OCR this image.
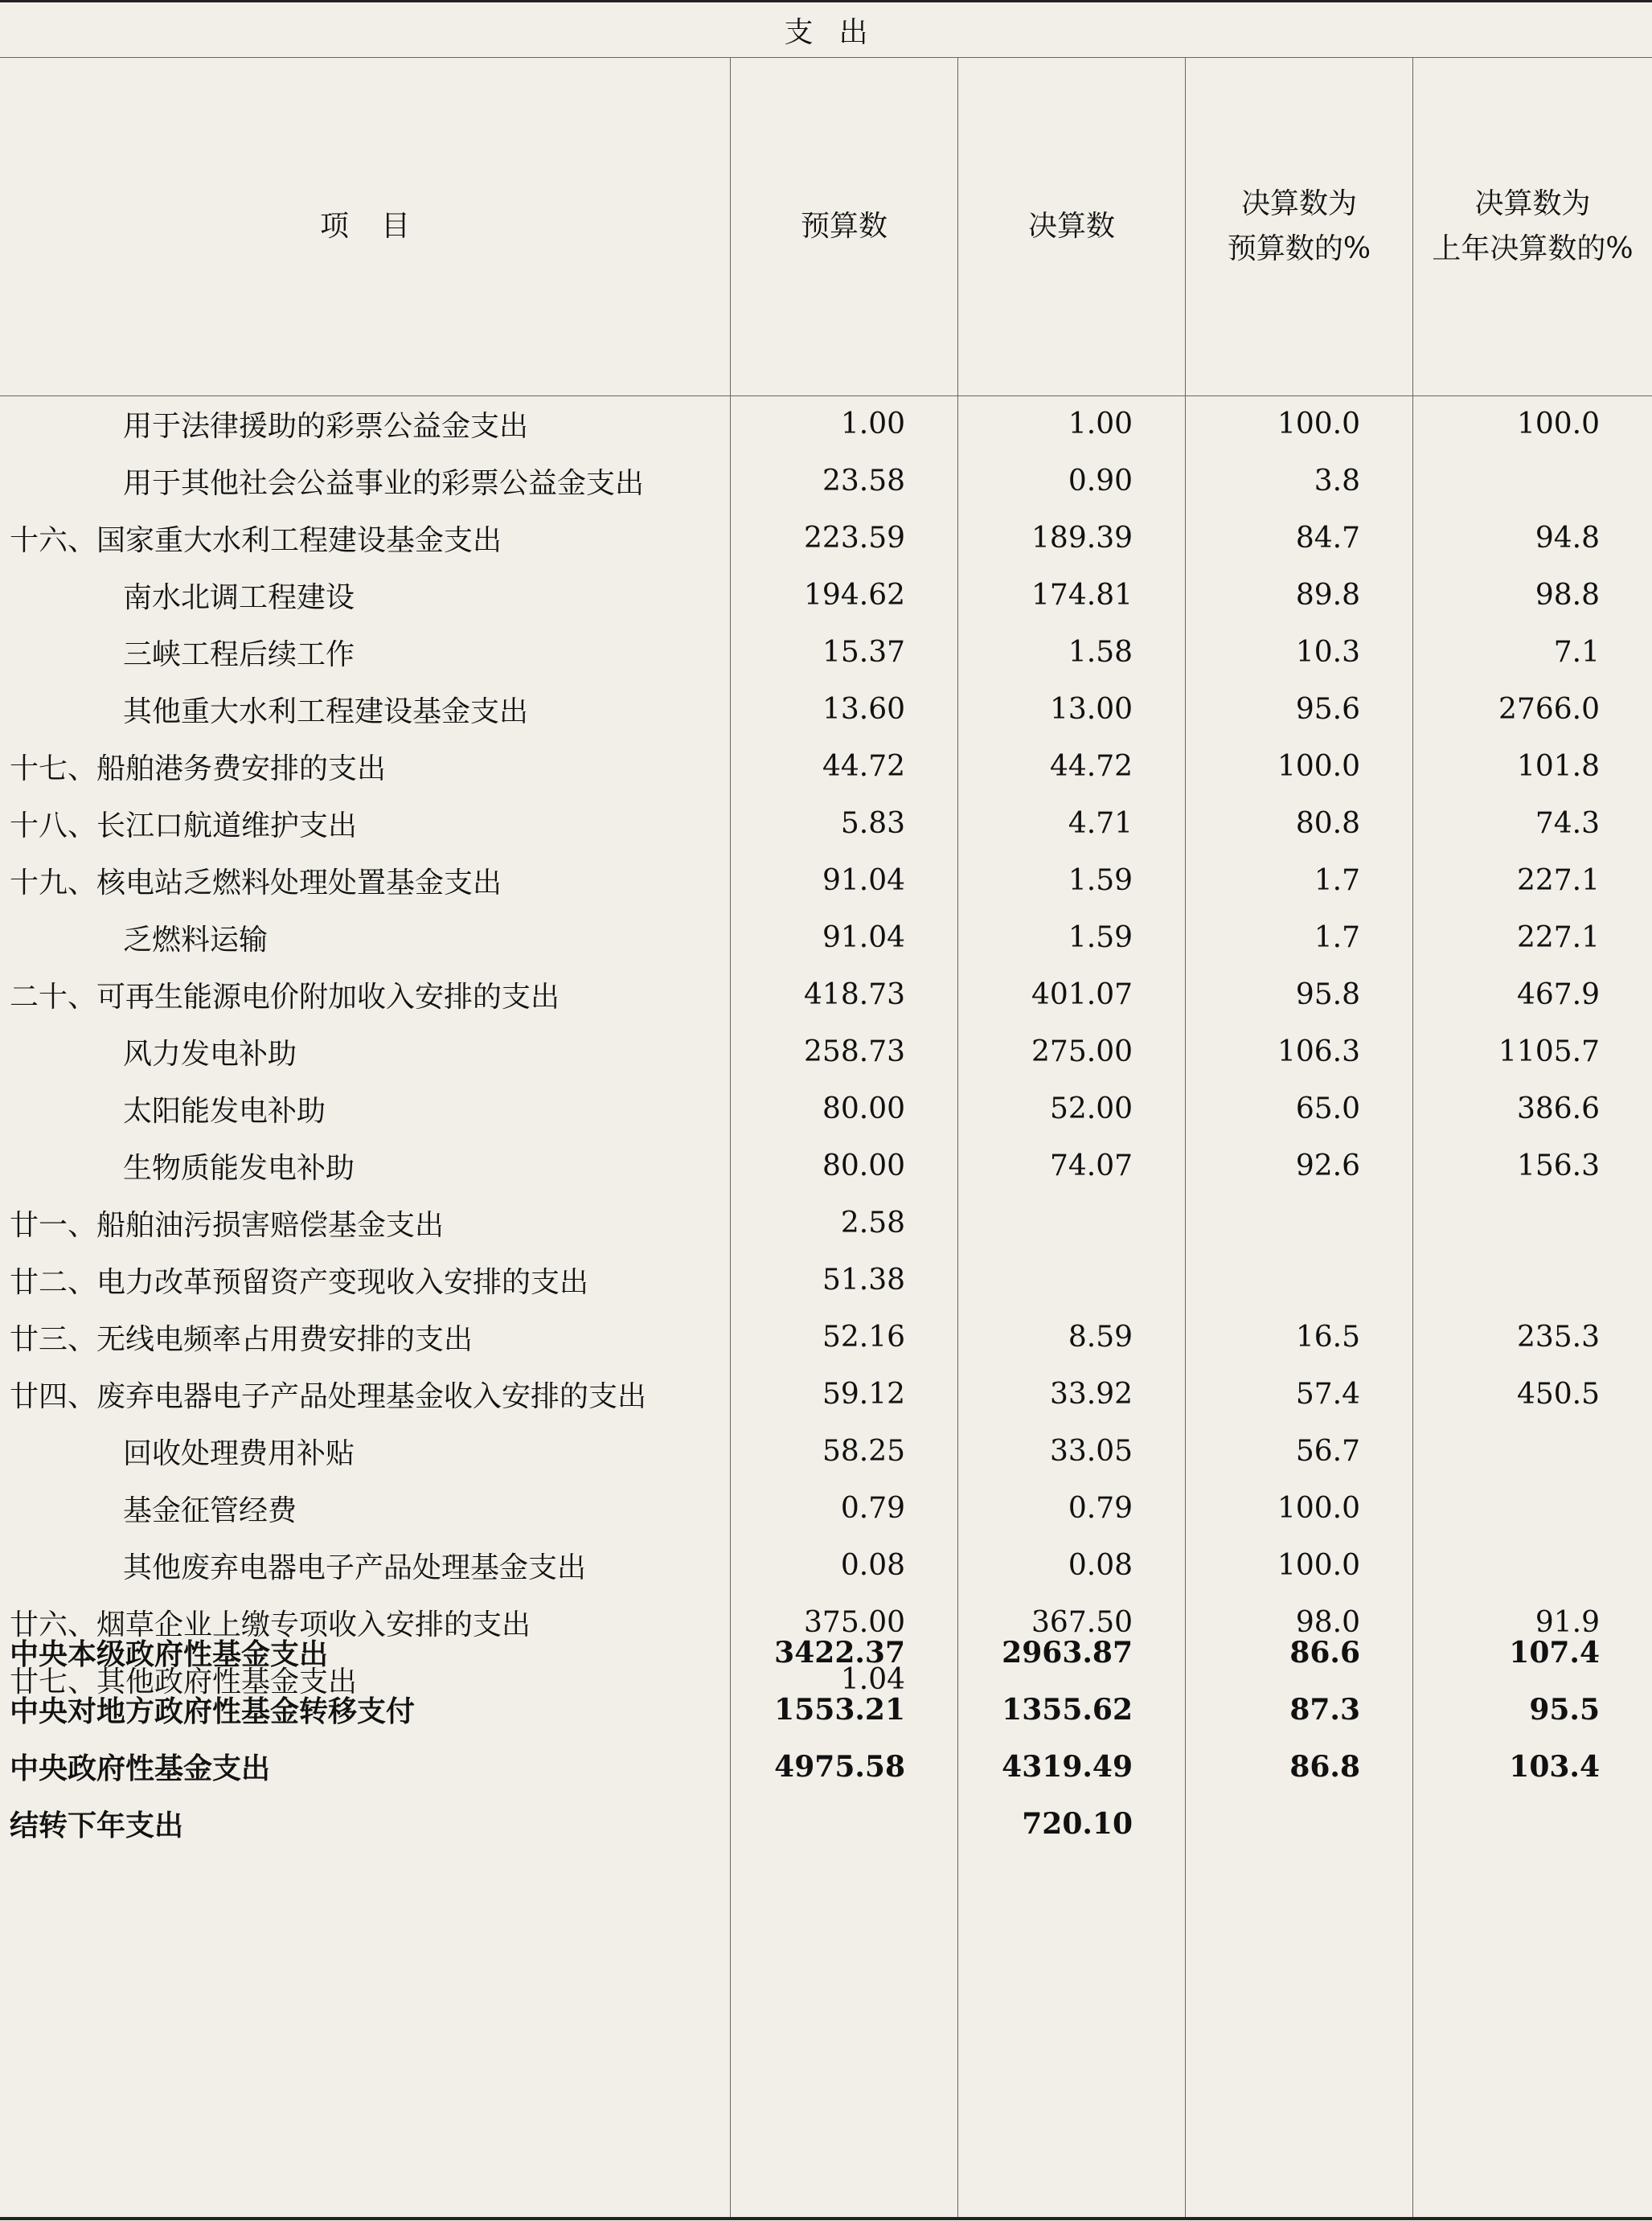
支出
项目	预算数	决算数
决算数为
预算数的%
决算数为
上年决算数的%
用于法律援助的彩票公益金支出
用于其他社会公益事业的彩票公益金支出
十六、国家重大水利工程建设基金支出
南水北调工程建设
三峡工程后续工作
其他重大水利工程建设基金支出
十七、船舶港务费安排的支出
十八、长江口航道维护支出
十九、核电站乏燃料处理处置基金支出
乏燃料运输
二十、可再生能源电价附加收入安排的支出
风力发电补助
太阳能发电补助
生物质能发电补助
廿一、船舶油污损害赔偿基金支出
廿二、电力改革预留资产变现收入安排的支出
廿三、无线电频率占用费安排的支出
廿四、废弃电器电子产品处理基金收入安排的支出
回收处理费用补贴
基金征管经费
其他废弃电器电子产品处理基金支出
廿六、烟草企业上缴专项收入安排的支出
廿七、其他政府性基金支出
中央本级政府性基金支出
中央对地方政府性基金转移支付
中央政府性基金支出
结转下年支出
1.00
23.58
223.59
194.62
15.37
13.60
44.72
5.83
91.04
91.04
418.73
258.73
80.00
80.00
2.58
51.38
52.16
59.12
58.25
0.79
0.08
375.00
1.04
3422.37
1553.21
4975.58
1.00
0.90
189.39
174.81
1.58
13.00
44.72
4.71
1.59
1.59
401.07
275.00
52.00
74.07
8.59
33.92
33.05
0.79
0.08
367.50
2963.87
1355.62
4319.49
720.10
100.0
3.8
84.7
89.8
10.3
95.6
100.0
80.8
1.7
1.7
95.8
106.3
65.0
92.6
16.5
57.4
56.7
100.0
100.0
98.0
86.6
87.3
86.8
100.0
94.8
98.8
7.1
2766.0
101.8
74.3
227.1
227.1
467.9
1105.7
386.6
156.3
235.3
450.5
91.9
107.4
95.5
103.4
